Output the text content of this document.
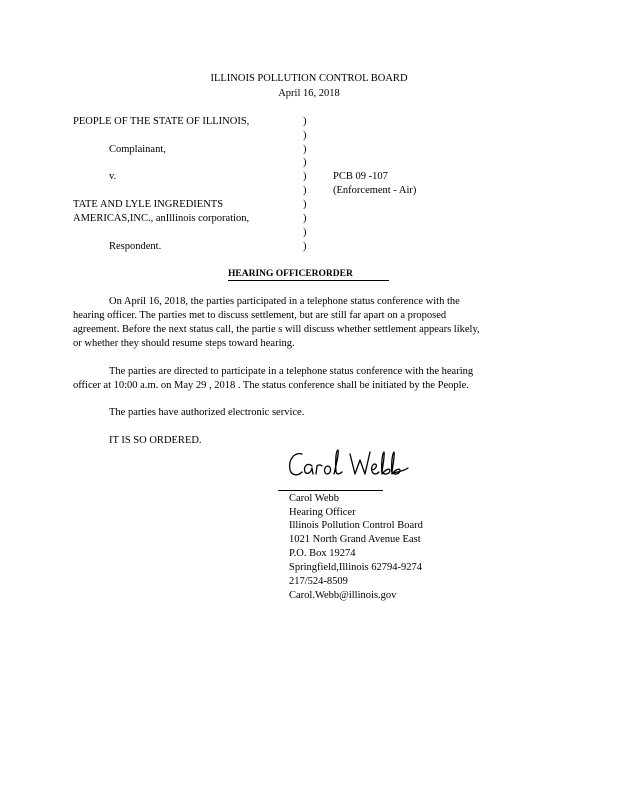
ILLINOIS POLLUTION CONTROL BOARD
April 16, 2018
PEOPLE OF THE STATE OF ILLINOIS,
Complainant,
v.
TATE AND LYLE INGREDIENTS
AMERICAS,INC., anIllinois corporation,
Respondent.
)
)
)
)
)
)
)
)
)
)
PCB 09 -107
(Enforcement - Air)
HEARING OFFICERORDER
On April 16, 2018, the parties participated in a telephone status conference with the
hearing officer. The parties met to discuss settlement, but are still far apart on a proposed
agreement. Before the next status call, the partie s will discuss whether settlement appears likely,
or whether they should resume steps toward hearing.
The parties are directed to participate in a telephone status conference with the hearing
officer at 10:00 a.m. on May 29 , 2018 . The status conference shall be initiated by the People.
The parties have authorized electronic service.
IT IS SO ORDERED.
Carol Webb
Hearing Officer
Illinois Pollution Control Board
1021 North Grand Avenue East
P.O. Box 19274
Springfield,Illinois 62794-9274
217/524-8509
Carol.Webb@illinois.gov
